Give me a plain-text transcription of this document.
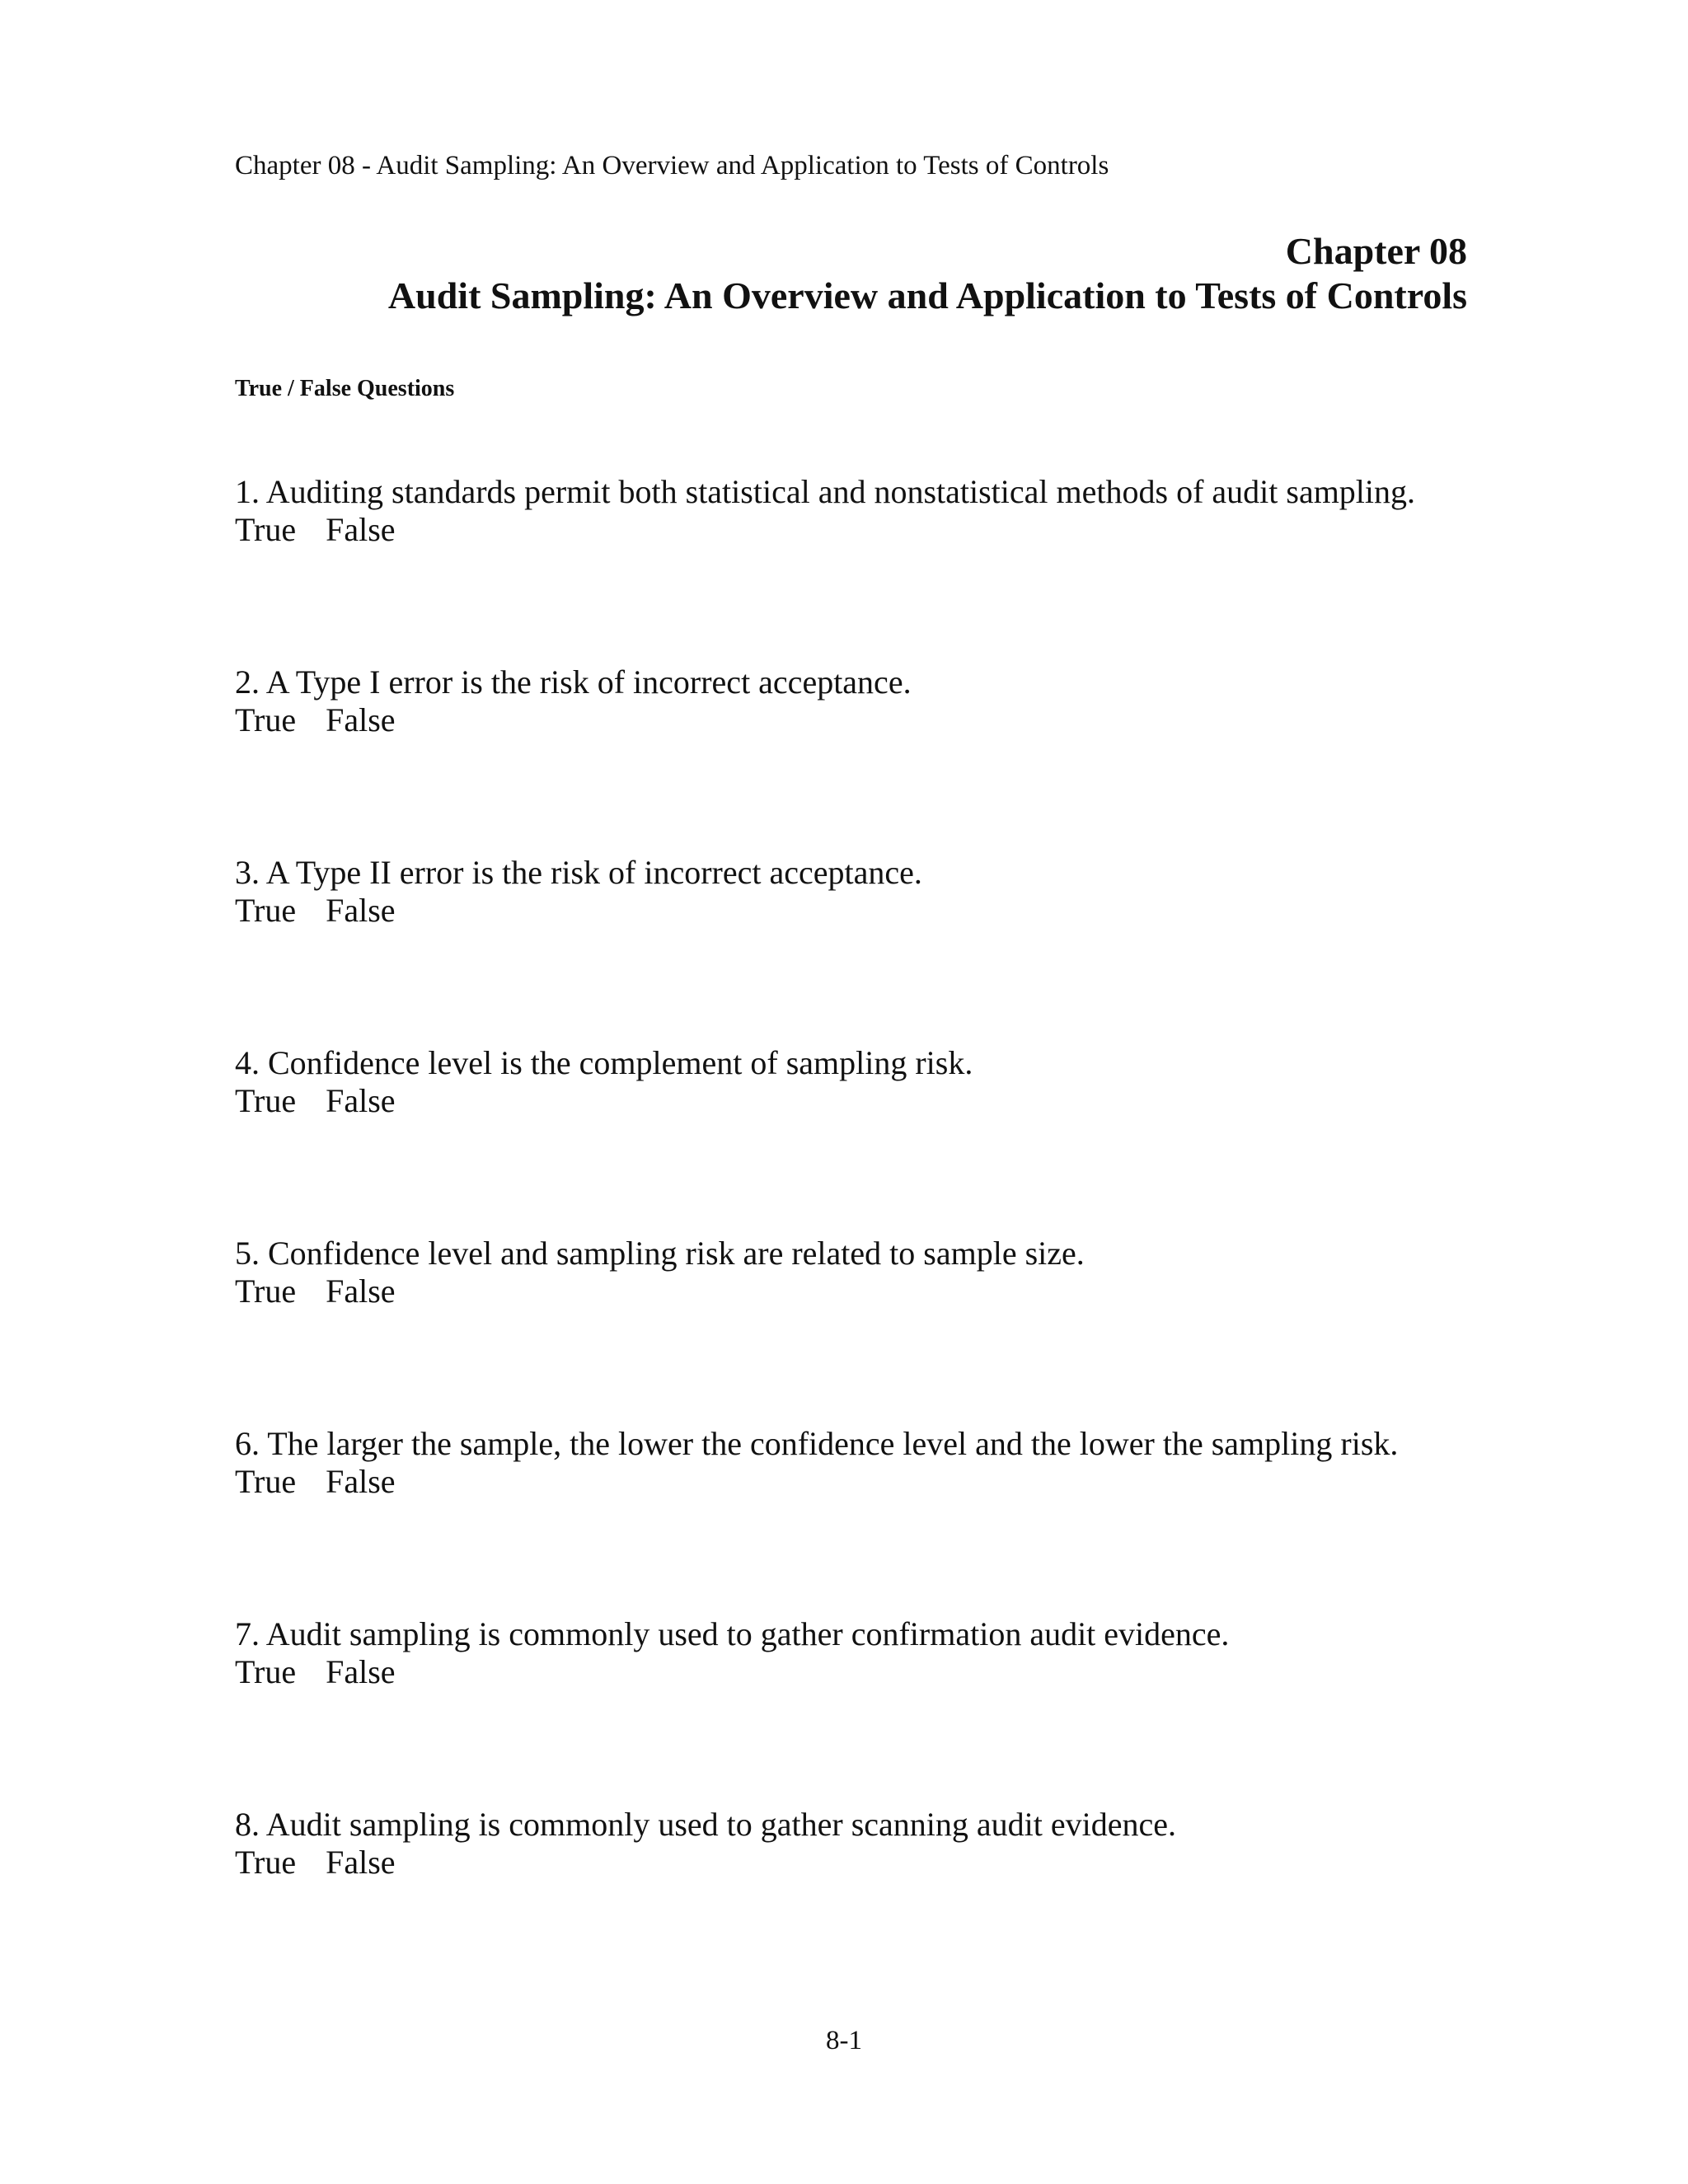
Chapter 08 - Audit Sampling: An Overview and Application to Tests of Controls
Chapter 08
Audit Sampling: An Overview and Application to Tests of Controls
True / False Questions
1. Auditing standards permit both statistical and nonstatistical methods of audit sampling.
True False
2. A Type I error is the risk of incorrect acceptance.
True False
3. A Type II error is the risk of incorrect acceptance.
True False
4. Confidence level is the complement of sampling risk.
True False
5. Confidence level and sampling risk are related to sample size.
True False
6. The larger the sample, the lower the confidence level and the lower the sampling risk.
True False
7. Audit sampling is commonly used to gather confirmation audit evidence.
True False
8. Audit sampling is commonly used to gather scanning audit evidence.
True False
8-1
